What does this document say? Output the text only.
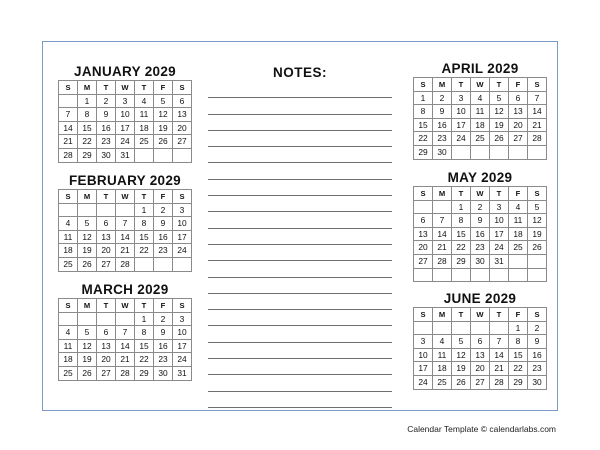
JANUARY 2029
S	M	T	W	T	F	S
	1	2	3	4	5	6
7	8	9	10	11	12	13
14	15	16	17	18	19	20
21	22	23	24	25	26	27
28	29	30	31			
FEBRUARY 2029
S	M	T	W	T	F	S
				1	2	3
4	5	6	7	8	9	10
11	12	13	14	15	16	17
18	19	20	21	22	23	24
25	26	27	28			
MARCH 2029
S	M	T	W	T	F	S
				1	2	3
4	5	6	7	8	9	10
11	12	13	14	15	16	17
18	19	20	21	22	23	24
25	26	27	28	29	30	31
NOTES:	APRIL 2029
S	M	T	W	T	F	S
1	2	3	4	5	6	7
8	9	10	11	12	13	14
15	16	17	18	19	20	21
22	23	24	25	26	27	28
29	30					
MAY 2029
S	M	T	W	T	F	S
		1	2	3	4	5
6	7	8	9	10	11	12
13	14	15	16	17	18	19
20	21	22	23	24	25	26
27	28	29	30	31		

JUNE 2029
S	M	T	W	T	F	S
					1	2
3	4	5	6	7	8	9
10	11	12	13	14	15	16
17	18	19	20	21	22	23
24	25	26	27	28	29	30
Calendar Template © calendarlabs.com
